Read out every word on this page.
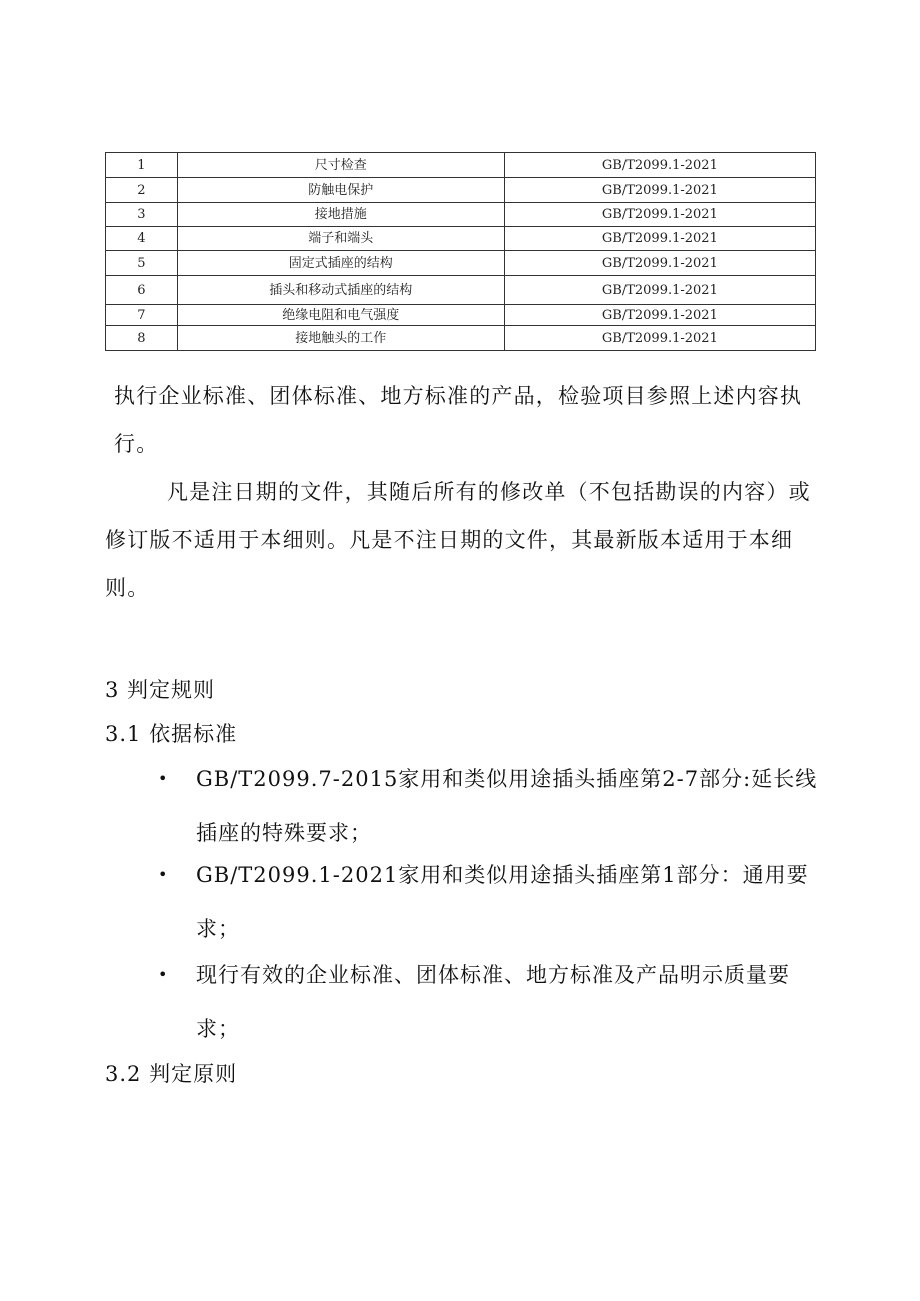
1	尺寸检查	GB/T2099.1-2021
2	防触电保护	GB/T2099.1-2021
3	接地措施	GB/T2099.1-2021
4	端子和端头	GB/T2099.1-2021
5	固定式插座的结构	GB/T2099.1-2021
6	插头和移动式插座的结构	GB/T2099.1-2021
7	绝缘电阻和电气强度	GB/T2099.1-2021
8	接地触头的工作	GB/T2099.1-2021

执行企业标准、团体标准、地方标准的产品，检验项目参照上述内容执行。

凡是注日期的文件，其随后所有的修改单（不包括勘误的内容）或修订版不适用于本细则。凡是不注日期的文件，其最新版本适用于本细则。

3 判定规则
3.1 依据标准
•	GB/T2099.7-2015家用和类似用途插头插座第2-7部分:延长线插座的特殊要求；
•	GB/T2099.1-2021家用和类似用途插头插座第1部分：通用要求；
•	现行有效的企业标准、团体标准、地方标准及产品明示质量要求；
3.2 判定原则
